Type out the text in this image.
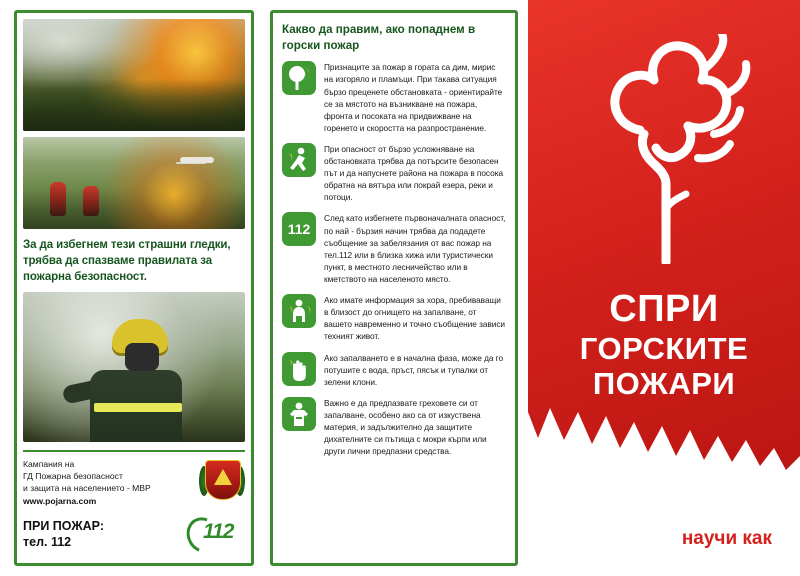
За да избегнем тези страшни гледки, трябва да спазваме правилата за пожарна безопасност.
Кампания на
ГД Пожарна безопасност
и защита на населението - МВР
www.pojarna.com
ПРИ ПОЖАР:
тел. 112	112
Какво да правим, ако попаднем в горски пожар
Признаците за пожар в гората са дим, мирис на изгоряло и пламъци. При такава ситуация бързо преценете обстановката - ориентирайте се за мястото на възникване на пожара, фронта и посоката на придвижване на горенето и скоростта на разпространение.
При опасност от бързо усложняване на обстановката трябва да потърсите безопасен път и да напуснете района на пожара в посока обратна на вятъра или покрай езера, реки и потоци.
112
След като избегнете първоначалната опасност, по най - бързия начин трябва да подадете съобщение за забелязания от вас пожар на тел.112 или в близка хижа или туристически пункт, в местното лесничейство или в кметството на населеното място.
Ако имате информация за хора, пребиваващи в близост до огнището на запалване, от вашето навременно и точно съобщение зависи техният живот.
Ако запалването е в начална фаза, може да го потушите с вода, пръст, пясък и тупалки от зелени клони.
Важно е да предпазвате греховете си от запалване, особено ако са от изкуствена материя, и задължително да защитите дихателните си пътища с мокри кърпи или други лични предпазни средства.
СПРИ
ГОРСКИТЕ
ПОЖАРИ
научи как
